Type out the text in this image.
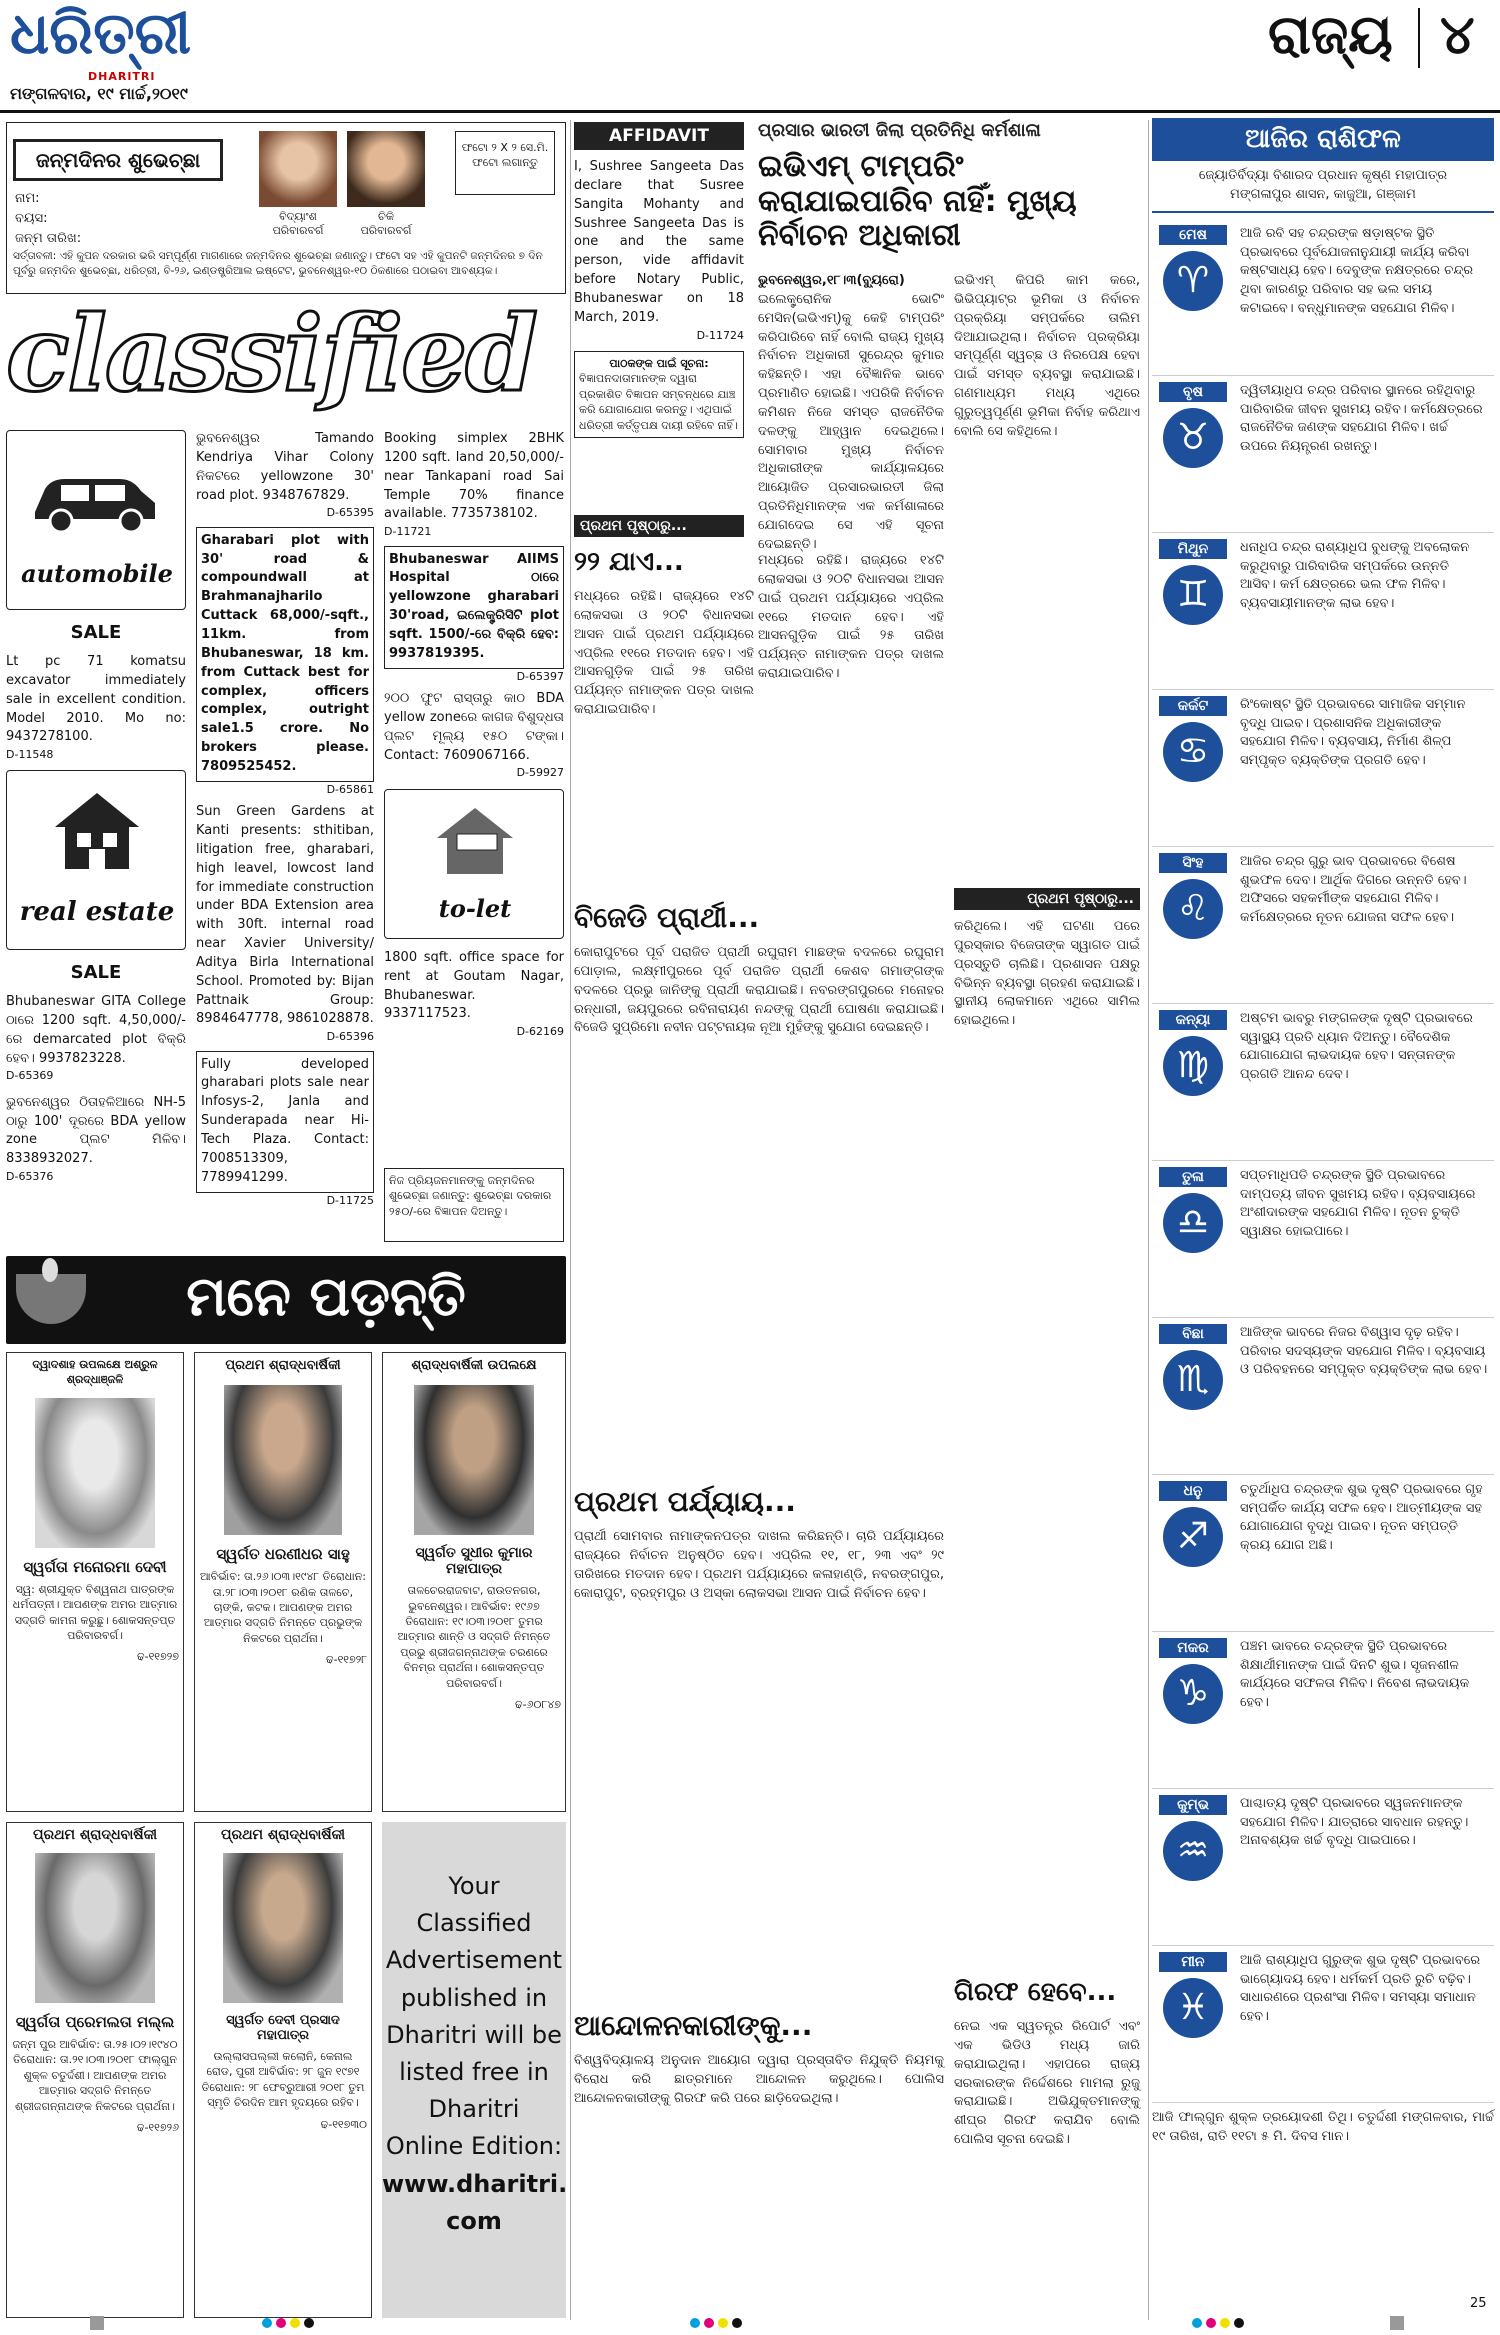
ଧରିତ୍ରୀ
DHARITRI
ମଙ୍ଗଳବାର, ୧୯ ମାର୍ଚ୍ଚ,୨୦୧୯
ରାଜ୍ୟ ୪
ଜନ୍ମଦିନର ଶୁଭେଚ୍ଛା
ନାମ:
ବୟସ:
ଜନ୍ମ ତାରିଖ:
ବିଦ୍ୟାଂଶ
ପରିବାରବର୍ଗ
ଚିକି
ପରିବାରବର୍ଗ
ଫଟୋ ୨ X ୨ ସେ.ମି. ଫଟୋ ଲଗାନ୍ତୁ
ସର୍ତ୍ତାବଳୀ: ଏହି କୁପନ ଦରକାର ଭରି ସମ୍ପୂର୍ଣ୍ଣ ମାଗଣାରେ ଜନ୍ମଦିନର ଶୁଭେଚ୍ଛା ଜଣାନ୍ତୁ। ଫଟୋ ସହ ଏହି କୁପନଟି ଜନ୍ମଦିନର ୭ ଦିନ ପୂର୍ବରୁ ଜନ୍ମଦିନ ଶୁଭେଚ୍ଛା, ଧରିତ୍ରୀ, ବି-୨୬, ଇଣ୍ଡଷ୍ଟ୍ରିଆଲ ଇଷ୍ଟେଟ, ଭୁବନେଶ୍ୱର-୧୦ ଠିକଣାରେ ପଠାଇବା ଆବଶ୍ୟକ।
classified
automobile
SALE
Lt pc 71 komatsu excavator immediately sale in excellent condition. Model 2010. Mo no: 9437278100.
D-11548
real estate
SALE
Bhubaneswar GITA College ଠାରେ 1200 sqft. 4,50,000/-ରେ demarcated plot ବିକ୍ରି ହେବ। 9937823228.
D-65369
ଭୁବନେଶ୍ୱର ଠିତାହଳିଆରେ NH-5 ଠାରୁ 100' ଦୂରରେ BDA yellow zone ପ୍ଲଟ ମିଳିବ। 8338932027.
D-65376
ଭୁବନେଶ୍ୱର Tamando Kendriya Vihar Colony ନିକଟରେ yellowzone 30' road plot. 9348767829.
D-65395
Gharabari plot with 30' road & compoundwall at Brahmanajharilo Cuttack 68,000/-sqft., 11km. from Bhubaneswar, 18 km. from Cuttack best for complex, officers complex, outright sale1.5 crore. No brokers please. 7809525452.
D-65861
Sun Green Gardens at Kanti presents: sthitiban, litigation free, gharabari, high leavel, lowcost land for immediate construction under BDA Extension area with 30ft. internal road near Xavier University/ Aditya Birla International School. Promoted by: Bijan Pattnaik Group: 8984647778, 9861028878.
D-65396
Fully developed gharabari plots sale near Infosys-2, Janla and Sunderapada near Hi-Tech Plaza. Contact: 7008513309, 7789941299.
D-11725
Booking simplex 2BHK 1200 sqft. land 20,50,000/- near Tankapani road Sai Temple 70% finance available. 7735738102.
D-11721
Bhubaneswar AIIMS Hospital ଠାରେ yellowzone gharabari 30'road, ଇଲେକ୍ଟ୍ରିସିଟି plot sqft. 1500/-ରେ ବିକ୍ରି ହେବ: 9937819395.
D-65397
୨୦୦ ଫୁଟ ରାସ୍ତାରୁ କାଠ BDA yellow zoneରେ କାଗଜ ବିଶୁଦ୍ଧତା ପ୍ଲଟ ମୂଲ୍ୟ ୧୫୦ ଟଙ୍କା। Contact: 7609067166.
D-59927
to-let
1800 sqft. office space for rent at Goutam Nagar, Bhubaneswar. 9337117523.
D-62169
AFFIDAVIT
I, Sushree Sangeeta Das declare that Susree Sangita Mohanty and Sushree Sangeeta Das is one and the same person, vide affidavit before Notary Public, Bhubaneswar on 18 March, 2019.
D-11724
ପାଠକଙ୍କ ପାଇଁ ସୂଚନା:
ବିଜ୍ଞାପନଦାତାମାନଙ୍କ ଦ୍ୱାରା ପ୍ରକାଶିତ ବିଜ୍ଞାପନ ସମ୍ବନ୍ଧରେ ଯାଞ୍ଚ କରି ଯୋଗାଯୋଗ କରନ୍ତୁ। ଏଥିପାଇଁ ଧରିତ୍ରୀ କର୍ତ୍ତୃପକ୍ଷ ଦାୟୀ ରହିବେ ନାହିଁ।
ନିଜ ପ୍ରିୟଜନମାନଙ୍କୁ ଜନ୍ମଦିନର ଶୁଭେଚ୍ଛା ଜଣାନ୍ତୁ: ଶୁଭେଚ୍ଛା ଦରକାର ୨୫୦/-ରେ ବିଜ୍ଞାପନ ଦିଅନ୍ତୁ।
ମନେ ପଡ଼ନ୍ତି
ଦ୍ୱାଦଶାହ ଉପଲକ୍ଷେ ଅଶ୍ରୁଳ ଶ୍ରଦ୍ଧାଞ୍ଜଳି
ସ୍ୱର୍ଗତା ମନୋରମା ଦେବୀ
ସ୍ୱ: ଶ୍ରୀଯୁକ୍ତ ବିଶ୍ୱନାଥ ପାତ୍ରଙ୍କ ଧର୍ମପତ୍ନୀ। ଆପଣଙ୍କ ଅମର ଆତ୍ମାର ସଦ୍‌ଗତି କାମନା କରୁଛୁ। ଶୋକସନ୍ତପ୍ତ ପରିବାରବର୍ଗ।
ଢ-୧୧୭୨୭
ପ୍ରଥମ ଶ୍ରାଦ୍ଧବାର୍ଷିକୀ
ସ୍ୱର୍ଗତ ଧରଣୀଧର ସାହୁ
ଆବିର୍ଭାବ: ତା.୨୬।୦୩।୧୯୪୮ ତିରୋଧାନ: ତା.୨୮।୦୩।୨୦୧୮ ରଣିକ ତାଳଚେ, ଚାଙ୍କି, କଟକ। ଆପଣଙ୍କ ଅମର ଆତ୍ମାର ସଦ୍‌ଗତି ନିମନ୍ତେ ପ୍ରଭୁଙ୍କ ନିକଟରେ ପ୍ରାର୍ଥନା।
ଢ-୧୧୭୨୮
ଶ୍ରାଦ୍ଧବାର୍ଷିକୀ ଉପଲକ୍ଷେ
ସ୍ୱର୍ଗତ ସୁଧୀର କୁମାର ମହାପାତ୍ର
ତାଳଚେରରାଜବାଟ, ରାଉତନଗର, ଭୁବନେଶ୍ୱର। ଆବିର୍ଭାବ: ୧୯୬୭ ତିରୋଧାନ: ୧୯।୦୩।୨୦୧୮ ତୁମର ଆତ୍ମାର ଶାନ୍ତି ଓ ସଦ୍‌ଗତି ନିମନ୍ତେ ପ୍ରଭୁ ଶ୍ରୀଜଗନ୍ନାଥଙ୍କ ଚରଣରେ ବିନମ୍ର ପ୍ରାର୍ଥନା। ଶୋକସନ୍ତପ୍ତ ପରିବାରବର୍ଗ।
ଢ-୬୦୮୪୭
ପ୍ରଥମ ଶ୍ରାଦ୍ଧବାର୍ଷିକୀ
ସ୍ୱର୍ଗତା ପ୍ରେମଲତା ମଲ୍ଲ
ଜନ୍ମ ପୁର ଆବିର୍ଭାବ: ତା.୨୫।୦୨।୧୯୪୦ ତିରୋଧାନ: ତା.୨୧।୦୩।୨୦୧୮ ଫାଲ୍‌ଗୁନ ଶୁକ୍ଳ ଚତୁର୍ଦ୍ଦଶୀ। ଆପଣଙ୍କ ଅମର ଆତ୍ମାର ସଦ୍‌ଗତି ନିମନ୍ତେ ଶ୍ରୀଜଗନ୍ନାଥଙ୍କ ନିକଟରେ ପ୍ରାର୍ଥନା।
ଢ-୧୧୭୨୬
ପ୍ରଥମ ଶ୍ରାଦ୍ଧବାର୍ଷିକୀ
ସ୍ୱର୍ଗତ ଦେବୀ ପ୍ରସାଦ ମହାପାତ୍ର
ଉଲ୍ଲାସପଲ୍ଲୀ କଲୋନି, କେନାଲ ରୋଡ, ପୁରୀ ଆବିର୍ଭାବ: ୨୮ ଜୁନ ୧୯୭୧ ତିରୋଧାନ: ୨୮ ଫେବ୍ରୁଆରୀ ୨୦୧୮ ତୁମ ସ୍ମୃତି ଚିରଦିନ ଆମ ହୃଦୟରେ ରହିବ।
ଢ-୧୧୭୩୦
Your
Classified
Advertisement
published in
Dharitri will be
listed free in
Dharitri
Online Edition:
www.dharitri.
com
ପ୍ରସାର ଭାରତୀ ଜିଲା ପ୍ରତିନିଧି କର୍ମଶାଳା
ଇଭିଏମ୍ ଟାମ୍ପରିଂ କରାଯାଇପାରିବ ନାହିଁ: ମୁଖ୍ୟ ନିର୍ବାଚନ ଅଧିକାରୀ
ଭୁବନେଶ୍ୱର,୧୮।୩(ବ୍ୟୁରୋ) ଇଲେକ୍ଟ୍ରୋନିକ ଭୋଟିଂ ମେସିନ(ଇଭିଏମ୍)କୁ କେହି ଟାମ୍ପରିଂ କରିପାରିବେ ନାହିଁ ବୋଲି ରାଜ୍ୟ ମୁଖ୍ୟ ନିର୍ବାଚନ ଅଧିକାରୀ ସୁରେନ୍ଦ୍ର କୁମାର କହିଛନ୍ତି। ଏହା ବୈଜ୍ଞାନିକ ଭାବେ ପ୍ରମାଣିତ ହୋଇଛି। ଏପରିକି ନିର୍ବାଚନ କମିଶନ ନିଜେ ସମସ୍ତ ରାଜନୈତିକ ଦଳଙ୍କୁ ଆହ୍ୱାନ ଦେଇଥିଲେ। ସୋମବାର ମୁଖ୍ୟ ନିର୍ବାଚନ ଅଧିକାରୀଙ୍କ କାର୍ଯ୍ୟାଳୟରେ ଆୟୋଜିତ ପ୍ରସାରଭାରତୀ ଜିଲା ପ୍ରତିନିଧିମାନଙ୍କ ଏକ କର୍ମଶାଳାରେ ଯୋଗଦେଇ ସେ ଏହି ସୂଚନା ଦେଇଛନ୍ତି।
ଇଭିଏମ୍ କିପରି କାମ କରେ, ଭିଭିପ୍ୟାଟ୍‌ର ଭୂମିକା ଓ ନିର୍ବାଚନ ପ୍ରକ୍ରିୟା ସମ୍ପର୍କରେ ତାଲିମ ଦିଆଯାଇଥିଲା। ନିର୍ବାଚନ ପ୍ରକ୍ରିୟା ସମ୍ପୂର୍ଣ୍ଣ ସ୍ୱଚ୍ଛ ଓ ନିରପେକ୍ଷ ହେବା ପାଇଁ ସମସ୍ତ ବ୍ୟବସ୍ଥା କରାଯାଇଛି। ଗଣମାଧ୍ୟମ ମଧ୍ୟ ଏଥିରେ ଗୁରୁତ୍ୱପୂର୍ଣ୍ଣ ଭୂମିକା ନିର୍ବାହ କରିଥାଏ ବୋଲି ସେ କହିଥିଲେ।
ପ୍ରଥମ ପୃଷ୍ଠାରୁ...
୨୨ ଯାଏ...
ମଧ୍ୟରେ ରହିଛି। ରାଜ୍ୟରେ ୧୪ଟି ଲୋକସଭା ଓ ୨୦ଟି ବିଧାନସଭା ଆସନ ପାଇଁ ପ୍ରଥମ ପର୍ଯ୍ୟାୟରେ ଏପ୍ରିଲ ୧୧ରେ ମତଦାନ ହେବ। ଏହି ଆସନଗୁଡ଼ିକ ପାଇଁ ୨୫ ତାରିଖ ପର୍ଯ୍ୟନ୍ତ ନାମାଙ୍କନ ପତ୍ର ଦାଖଲ କରାଯାଇପାରିବ।
ମଧ୍ୟରେ ରହିଛି। ରାଜ୍ୟରେ ୧୪ଟି ଲୋକସଭା ଓ ୨୦ଟି ବିଧାନସଭା ଆସନ ପାଇଁ ପ୍ରଥମ ପର୍ଯ୍ୟାୟରେ ଏପ୍ରିଲ ୧୧ରେ ମତଦାନ ହେବ। ଏହି ଆସନଗୁଡ଼ିକ ପାଇଁ ୨୫ ତାରିଖ ପର୍ଯ୍ୟନ୍ତ ନାମାଙ୍କନ ପତ୍ର ଦାଖଲ କରାଯାଇପାରିବ।
ପ୍ରଥମ ପୃଷ୍ଠାରୁ...
ବିଜେଡି ପ୍ରାର୍ଥୀ...
କୋରାପୁଟରେ ପୂର୍ବ ପରାଜିତ ପ୍ରାର୍ଥୀ ରଘୁରାମ ମାଛଙ୍କ ବଦଳରେ ରଘୁରାମ ପୋଡ଼ାଲ, ଲକ୍ଷ୍ମୀପୁରରେ ପୂର୍ବ ପରାଜିତ ପ୍ରାର୍ଥୀ କେଶବ ଗମାଙ୍ଗଙ୍କ ବଦଳରେ ପ୍ରଭୁ ଜାନିଙ୍କୁ ପ୍ରାର୍ଥୀ କରାଯାଇଛି। ନବରଙ୍ଗପୁରରେ ମନୋହର ରନ୍ଧାରୀ, ଜୟପୁରରେ ରବିନାରାୟଣ ନନ୍ଦଙ୍କୁ ପ୍ରାର୍ଥୀ ଘୋଷଣା କରାଯାଇଛି। ବିଜେଡି ସୁପ୍ରିମୋ ନବୀନ ପଟ୍ଟନାୟକ ନୂଆ ମୁହଁଙ୍କୁ ସୁଯୋଗ ଦେଇଛନ୍ତି।
ପ୍ରଥମ ପର୍ଯ୍ୟାୟ...
ପ୍ରାର୍ଥୀ ସୋମବାର ନାମାଙ୍କନପତ୍ର ଦାଖଲ କରିଛନ୍ତି। ଚାରି ପର୍ଯ୍ୟାୟରେ ରାଜ୍ୟରେ ନିର୍ବାଚନ ଅନୁଷ୍ଠିତ ହେବ। ଏପ୍ରିଲ ୧୧, ୧୮, ୨୩ ଏବଂ ୨୯ ତାରିଖରେ ମତଦାନ ହେବ। ପ୍ରଥମ ପର୍ଯ୍ୟାୟରେ କଳାହାଣ୍ଡି, ନବରଙ୍ଗପୁର, କୋରାପୁଟ, ବ୍ରହ୍ମପୁର ଓ ଅସ୍କା ଲୋକସଭା ଆସନ ପାଇଁ ନିର୍ବାଚନ ହେବ।
ଆନ୍ଦୋଳନକାରୀଙ୍କୁ...
ବିଶ୍ୱବିଦ୍ୟାଳୟ ଅନୁଦାନ ଆୟୋଗ ଦ୍ୱାରା ପ୍ରସ୍ତାବିତ ନିଯୁକ୍ତି ନିୟମକୁ ବିରୋଧ କରି ଛାତ୍ରମାନେ ଆନ୍ଦୋଳନ କରୁଥିଲେ। ପୋଲିସ ଆନ୍ଦୋଳନକାରୀଙ୍କୁ ଗିରଫ କରି ପରେ ଛାଡ଼ିଦେଇଥିଲା।
କରିଥିଲେ। ଏହି ଘଟଣା ପରେ ପୁରସ୍କାର ବିଜେତାଙ୍କ ସ୍ୱାଗତ ପାଇଁ ପ୍ରସ୍ତୁତି ଚାଲିଛି। ପ୍ରଶାସନ ପକ୍ଷରୁ ବିଭିନ୍ନ ବ୍ୟବସ୍ଥା ଗ୍ରହଣ କରାଯାଇଛି। ସ୍ଥାନୀୟ ଲୋକମାନେ ଏଥିରେ ସାମିଲ ହୋଇଥିଲେ।
ଗିରଫ ହେବେ...
ନେଇ ଏକ ସ୍ୱତନ୍ତ୍ର ରିପୋର୍ଟ ଏବଂ ଏକ ଭିଡିଓ ମଧ୍ୟ ଜାରି କରାଯାଇଥିଲା। ଏହାପରେ ରାଜ୍ୟ ସରକାରଙ୍କ ନିର୍ଦ୍ଦେଶରେ ମାମଲା ରୁଜୁ କରାଯାଇଛି। ଅଭିଯୁକ୍ତମାନଙ୍କୁ ଶୀଘ୍ର ଗିରଫ କରାଯିବ ବୋଲି ପୋଲିସ ସୂଚନା ଦେଇଛି।
ଆଜିର ରାଶିଫଳ
ଜ୍ୟୋତିର୍ବିଦ୍ୟା ବିଶାରଦ ପ୍ରଧାନ କୃଷ୍ଣ ମହାପାତ୍ର
ମଙ୍ଗଳାପୁର ଶାସନ, କାଜୁଆ, ଗଞ୍ଜାମ
ମେଷ
♈
ଆଜି ରବି ସହ ଚନ୍ଦ୍ରଙ୍କ ଷଡ଼ାଷ୍ଟକ ସ୍ଥିତି ପ୍ରଭାବରେ ପୂର୍ବଯୋଜନାନୁଯାୟୀ କାର୍ଯ୍ୟ କରିବା କଷ୍ଟସାଧ୍ୟ ହେବ। ଦେବୁଙ୍କ ନକ୍ଷତ୍ରରେ ଚନ୍ଦ୍ର ଥିବା କାରଣରୁ ପରିବାର ସହ ଭଲ ସମୟ କଟାଇବେ। ବନ୍ଧୁମାନଙ୍କ ସହଯୋଗ ମିଳିବ।
ବୃଷ
♉
ଦ୍ୱିତୀୟାଧିପ ଚନ୍ଦ୍ର ପରିବାର ସ୍ଥାନରେ ରହିଥିବାରୁ ପାରିବାରିକ ଜୀବନ ସୁଖମୟ ରହିବ। କର୍ମକ୍ଷେତ୍ରରେ ରାଜନୈତିକ ଜଣଙ୍କ ସହଯୋଗ ମିଳିବ। ଖର୍ଚ୍ଚ ଉପରେ ନିୟନ୍ତ୍ରଣ ରଖନ୍ତୁ।
ମିଥୁନ
♊
ଧନାଧିପ ଚନ୍ଦ୍ର ରାଶ୍ୟାଧିପ ବୁଧଙ୍କୁ ଅବଲୋକନ କରୁଥିବାରୁ ପାରିବାରିକ ସମ୍ପର୍କରେ ଉନ୍ନତି ଆସିବ। କର୍ମ କ୍ଷେତ୍ରରେ ଭଲ ଫଳ ମିଳିବ। ବ୍ୟବସାୟୀମାନଙ୍କ ଲାଭ ହେବ।
କର୍କଟ
♋
ରିଂକୋଷ୍ଟ ସ୍ଥିତି ପ୍ରଭାବରେ ସାମାଜିକ ସମ୍ମାନ ବୃଦ୍ଧି ପାଇବ। ପ୍ରଶାସନିକ ଅଧିକାରୀଙ୍କ ସହଯୋଗ ମିଳିବ। ବ୍ୟବସାୟ, ନିର୍ମାଣ ଶିଳ୍ପ ସମ୍ପୃକ୍ତ ବ୍ୟକ୍ତିଙ୍କ ପ୍ରଗତି ହେବ।
ସିଂହ
♌
ଆଜିର ଚନ୍ଦ୍ର ଗୁରୁ ଭାବ ପ୍ରଭାବରେ ବିଶେଷ ଶୁଭଫଳ ଦେବ। ଆର୍ଥିକ ଦିଗରେ ଉନ୍ନତି ହେବ। ଅଫିସରେ ସହକର୍ମୀଙ୍କ ସହଯୋଗ ମିଳିବ। କର୍ମକ୍ଷେତ୍ରରେ ନୂତନ ଯୋଜନା ସଫଳ ହେବ।
କନ୍ୟା
♍
ଅଷ୍ଟମ ଭାବରୁ ମଙ୍ଗଳଙ୍କ ଦୃଷ୍ଟି ପ୍ରଭାବରେ ସ୍ୱାସ୍ଥ୍ୟ ପ୍ରତି ଧ୍ୟାନ ଦିଅନ୍ତୁ। ବୈଦେଶିକ ଯୋଗାଯୋଗ ଲାଭଦାୟକ ହେବ। ସନ୍ତାନଙ୍କ ପ୍ରଗତି ଆନନ୍ଦ ଦେବ।
ତୁଳା
♎
ସପ୍ତମାଧିପତି ଚନ୍ଦ୍ରଙ୍କ ସ୍ଥିତି ପ୍ରଭାବରେ ଦାମ୍ପତ୍ୟ ଜୀବନ ସୁଖମୟ ରହିବ। ବ୍ୟବସାୟରେ ଅଂଶୀଦାରଙ୍କ ସହଯୋଗ ମିଳିବ। ନୂତନ ଚୁକ୍ତି ସ୍ୱାକ୍ଷର ହୋଇପାରେ।
ବିଛା
♏
ଆଜିଙ୍କ ଭାବରେ ନିଜର ବିଶ୍ୱାସ ଦୃଢ଼ ରହିବ। ପରିବାର ସଦସ୍ୟଙ୍କ ସହଯୋଗ ମିଳିବ। ବ୍ୟବସାୟ ଓ ପରିବହନରେ ସମ୍ପୃକ୍ତ ବ୍ୟକ୍ତିଙ୍କ ଲାଭ ହେବ।
ଧନୁ
♐
ଚତୁର୍ଥାଧିପ ଚନ୍ଦ୍ରଙ୍କ ଶୁଭ ଦୃଷ୍ଟି ପ୍ରଭାବରେ ଗୃହ ସମ୍ପର୍କିତ କାର୍ଯ୍ୟ ସଫଳ ହେବ। ଆତ୍ମୀୟଙ୍କ ସହ ଯୋଗାଯୋଗ ବୃଦ୍ଧି ପାଇବ। ନୂତନ ସମ୍ପତ୍ତି କ୍ରୟ ଯୋଗ ଅଛି।
ମକର
♑
ପଞ୍ଚମ ଭାବରେ ଚନ୍ଦ୍ରଙ୍କ ସ୍ଥିତି ପ୍ରଭାବରେ ଶିକ୍ଷାର୍ଥୀମାନଙ୍କ ପାଇଁ ଦିନଟି ଶୁଭ। ସୃଜନଶୀଳ କାର୍ଯ୍ୟରେ ସଫଳତା ମିଳିବ। ନିବେଶ ଲାଭଦାୟକ ହେବ।
କୁମ୍ଭ
♒
ପାଶ୍ଚାତ୍ୟ ଦୃଷ୍ଟି ପ୍ରଭାବରେ ସ୍ୱଜନମାନଙ୍କ ସହଯୋଗ ମିଳିବ। ଯାତ୍ରାରେ ସାବଧାନ ରହନ୍ତୁ। ଅନାବଶ୍ୟକ ଖର୍ଚ୍ଚ ବୃଦ୍ଧି ପାଇପାରେ।
ମୀନ
♓
ଆଜି ରାଶ୍ୟାଧିପ ଗୁରୁଙ୍କ ଶୁଭ ଦୃଷ୍ଟି ପ୍ରଭାବରେ ଭାଗ୍ୟୋଦୟ ହେବ। ଧର୍ମକର୍ମ ପ୍ରତି ରୁଚି ବଢ଼ିବ। ସାଧାରଣରେ ପ୍ରଶଂସା ମିଳିବ। ସମସ୍ୟା ସମାଧାନ ହେବ।
ଆଜି ଫାଲ୍‌ଗୁନ ଶୁକ୍ଳ ତ୍ରୟୋଦଶୀ ତିଥି। ଚତୁର୍ଦ୍ଦଶୀ ମଙ୍ଗଳବାର, ମାର୍ଚ୍ଚ ୧୯ ତାରିଖ, ରାତି ୧୧ଟା ୫ ମି. ଦିବସ ମାନ।
25
